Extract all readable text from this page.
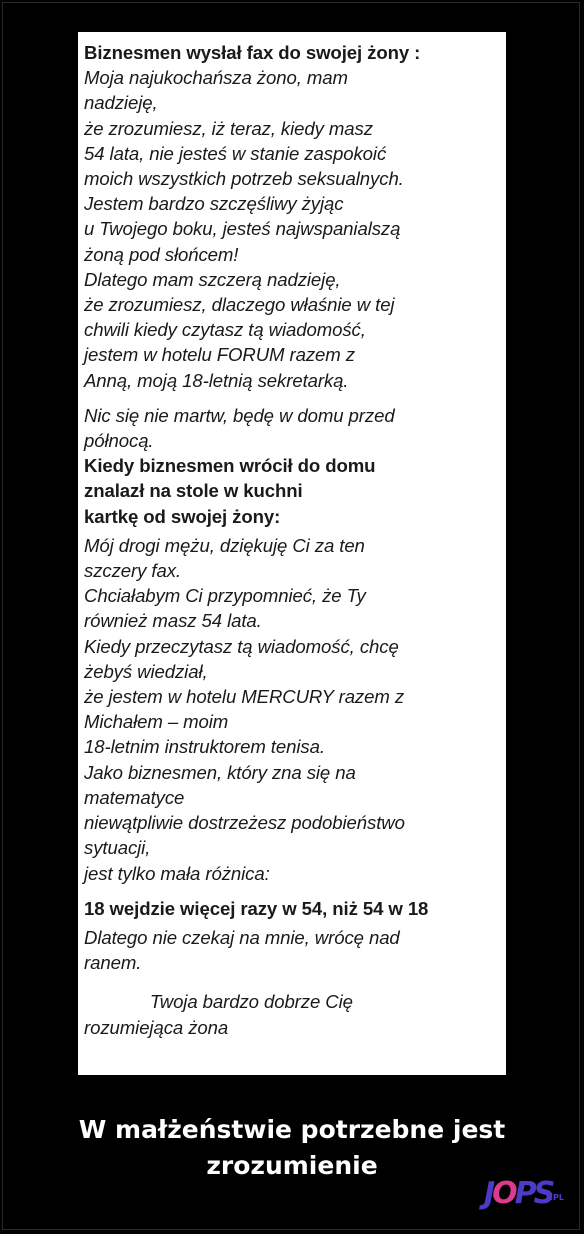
Biznesmen wysłał fax do swojej żony :
Moja najukochańsza żono, mam
nadzieję,
że zrozumiesz, iż teraz, kiedy masz
54 lata, nie jesteś w stanie zaspokoić
moich wszystkich potrzeb seksualnych.
Jestem bardzo szczęśliwy żyjąc
u Twojego boku, jesteś najwspanialszą
żoną pod słońcem!
Dlatego mam szczerą nadzieję,
że zrozumiesz, dlaczego właśnie w tej
chwili kiedy czytasz tą wiadomość,
jestem w hotelu FORUM razem z
Anną, moją 18-letnią sekretarką.
Nic się nie martw, będę w domu przed
północą.
Kiedy biznesmen wrócił do domu
znalazł na stole w kuchni
kartkę od swojej żony:
Mój drogi mężu, dziękuję Ci za ten
szczery fax.
Chciałabym Ci przypomnieć, że Ty
również masz 54 lata.
Kiedy przeczytasz tą wiadomość, chcę
żebyś wiedział,
że jestem w hotelu MERCURY razem z
Michałem – moim
18-letnim instruktorem tenisa.
Jako biznesmen, który zna się na
matematyce
niewątpliwie dostrzeżesz podobieństwo
sytuacji,
jest tylko mała różnica:
18 wejdzie więcej razy w 54, niż 54 w 18
Dlatego nie czekaj na mnie, wrócę nad
ranem.
Twoja bardzo dobrze Cię
rozumiejąca żona
W małżeństwie potrzebne jest
zrozumienie
JOPS
.PL
